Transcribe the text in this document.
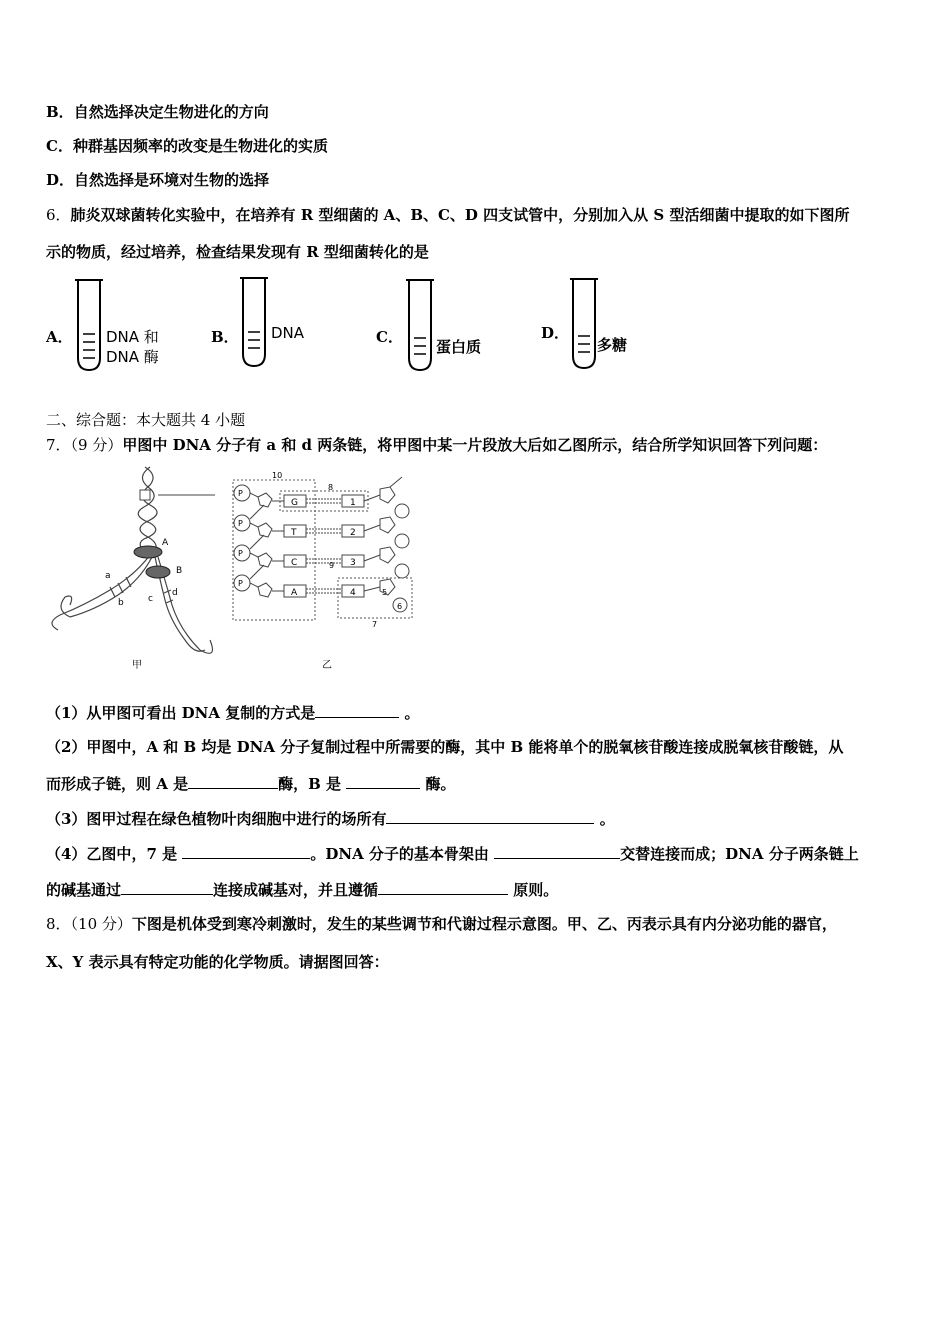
B．自然选择决定生物进化的方向
C．种群基因频率的改变是生物进化的实质
D．自然选择是环境对生物的选择
6．肺炎双球菌转化实验中，在培养有 R 型细菌的 A、B、C、D 四支试管中，分别加入从 S 型活细菌中提取的如下图所
示的物质，经过培养，检查结果发现有 R 型细菌转化的是
A． DNA 和
DNA 酶
B． DNA	C．
蛋白质
D．
多糖
二、综合题：本大题共 4 小题
7．（9 分）甲图中 DNA 分子有 a 和 d 两条链，将甲图中某一片段放大后如乙图所示，结合所学知识回答下列问题：
A
B
a
b	c
d
甲
10
P
P
P
P
G
T
C
A
1
2
3
4	5
6
8
9
7
乙
（1）从甲图可看出 DNA 复制的方式是	。
（2）甲图中，A 和 B 均是 DNA 分子复制过程中所需要的酶，其中 B 能将单个的脱氧核苷酸连接成脱氧核苷酸链，从
而形成子链，则 A 是	酶，B 是	酶。
（3）图甲过程在绿色植物叶肉细胞中进行的场所有	。
（4）乙图中，7 是	。DNA 分子的基本骨架由	交替连接而成；DNA 分子两条链上
的碱基通过	连接成碱基对，并且遵循	原则。
8．（10 分）下图是机体受到寒冷刺激时，发生的某些调节和代谢过程示意图。甲、乙、丙表示具有内分泌功能的器官，
X、Y 表示具有特定功能的化学物质。请据图回答：
